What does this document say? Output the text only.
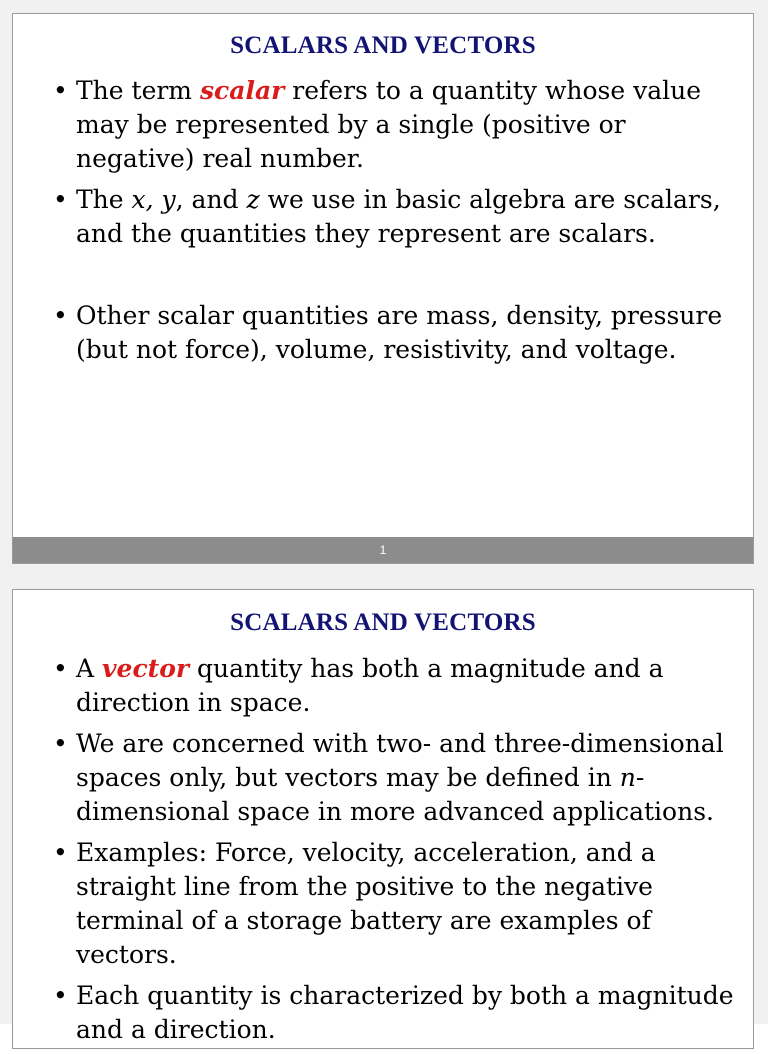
SCALARS AND VECTORS
• The term scalar refers to a quantity whose value may be represented by a single (positive or negative) real number.
• The x, y, and z we use in basic algebra are scalars, and the quantities they represent are scalars.
• Other scalar quantities are mass, density, pressure (but not force), volume, resistivity, and voltage.
1
SCALARS AND VECTORS
• A vector quantity has both a magnitude and a direction in space.
• We are concerned with two- and three-dimensional spaces only, but vectors may be defined in n-dimensional space in more advanced applications.
• Examples: Force, velocity, acceleration, and a straight line from the positive to the negative terminal of a storage battery are examples of vectors.
• Each quantity is characterized by both a magnitude and a direction.
